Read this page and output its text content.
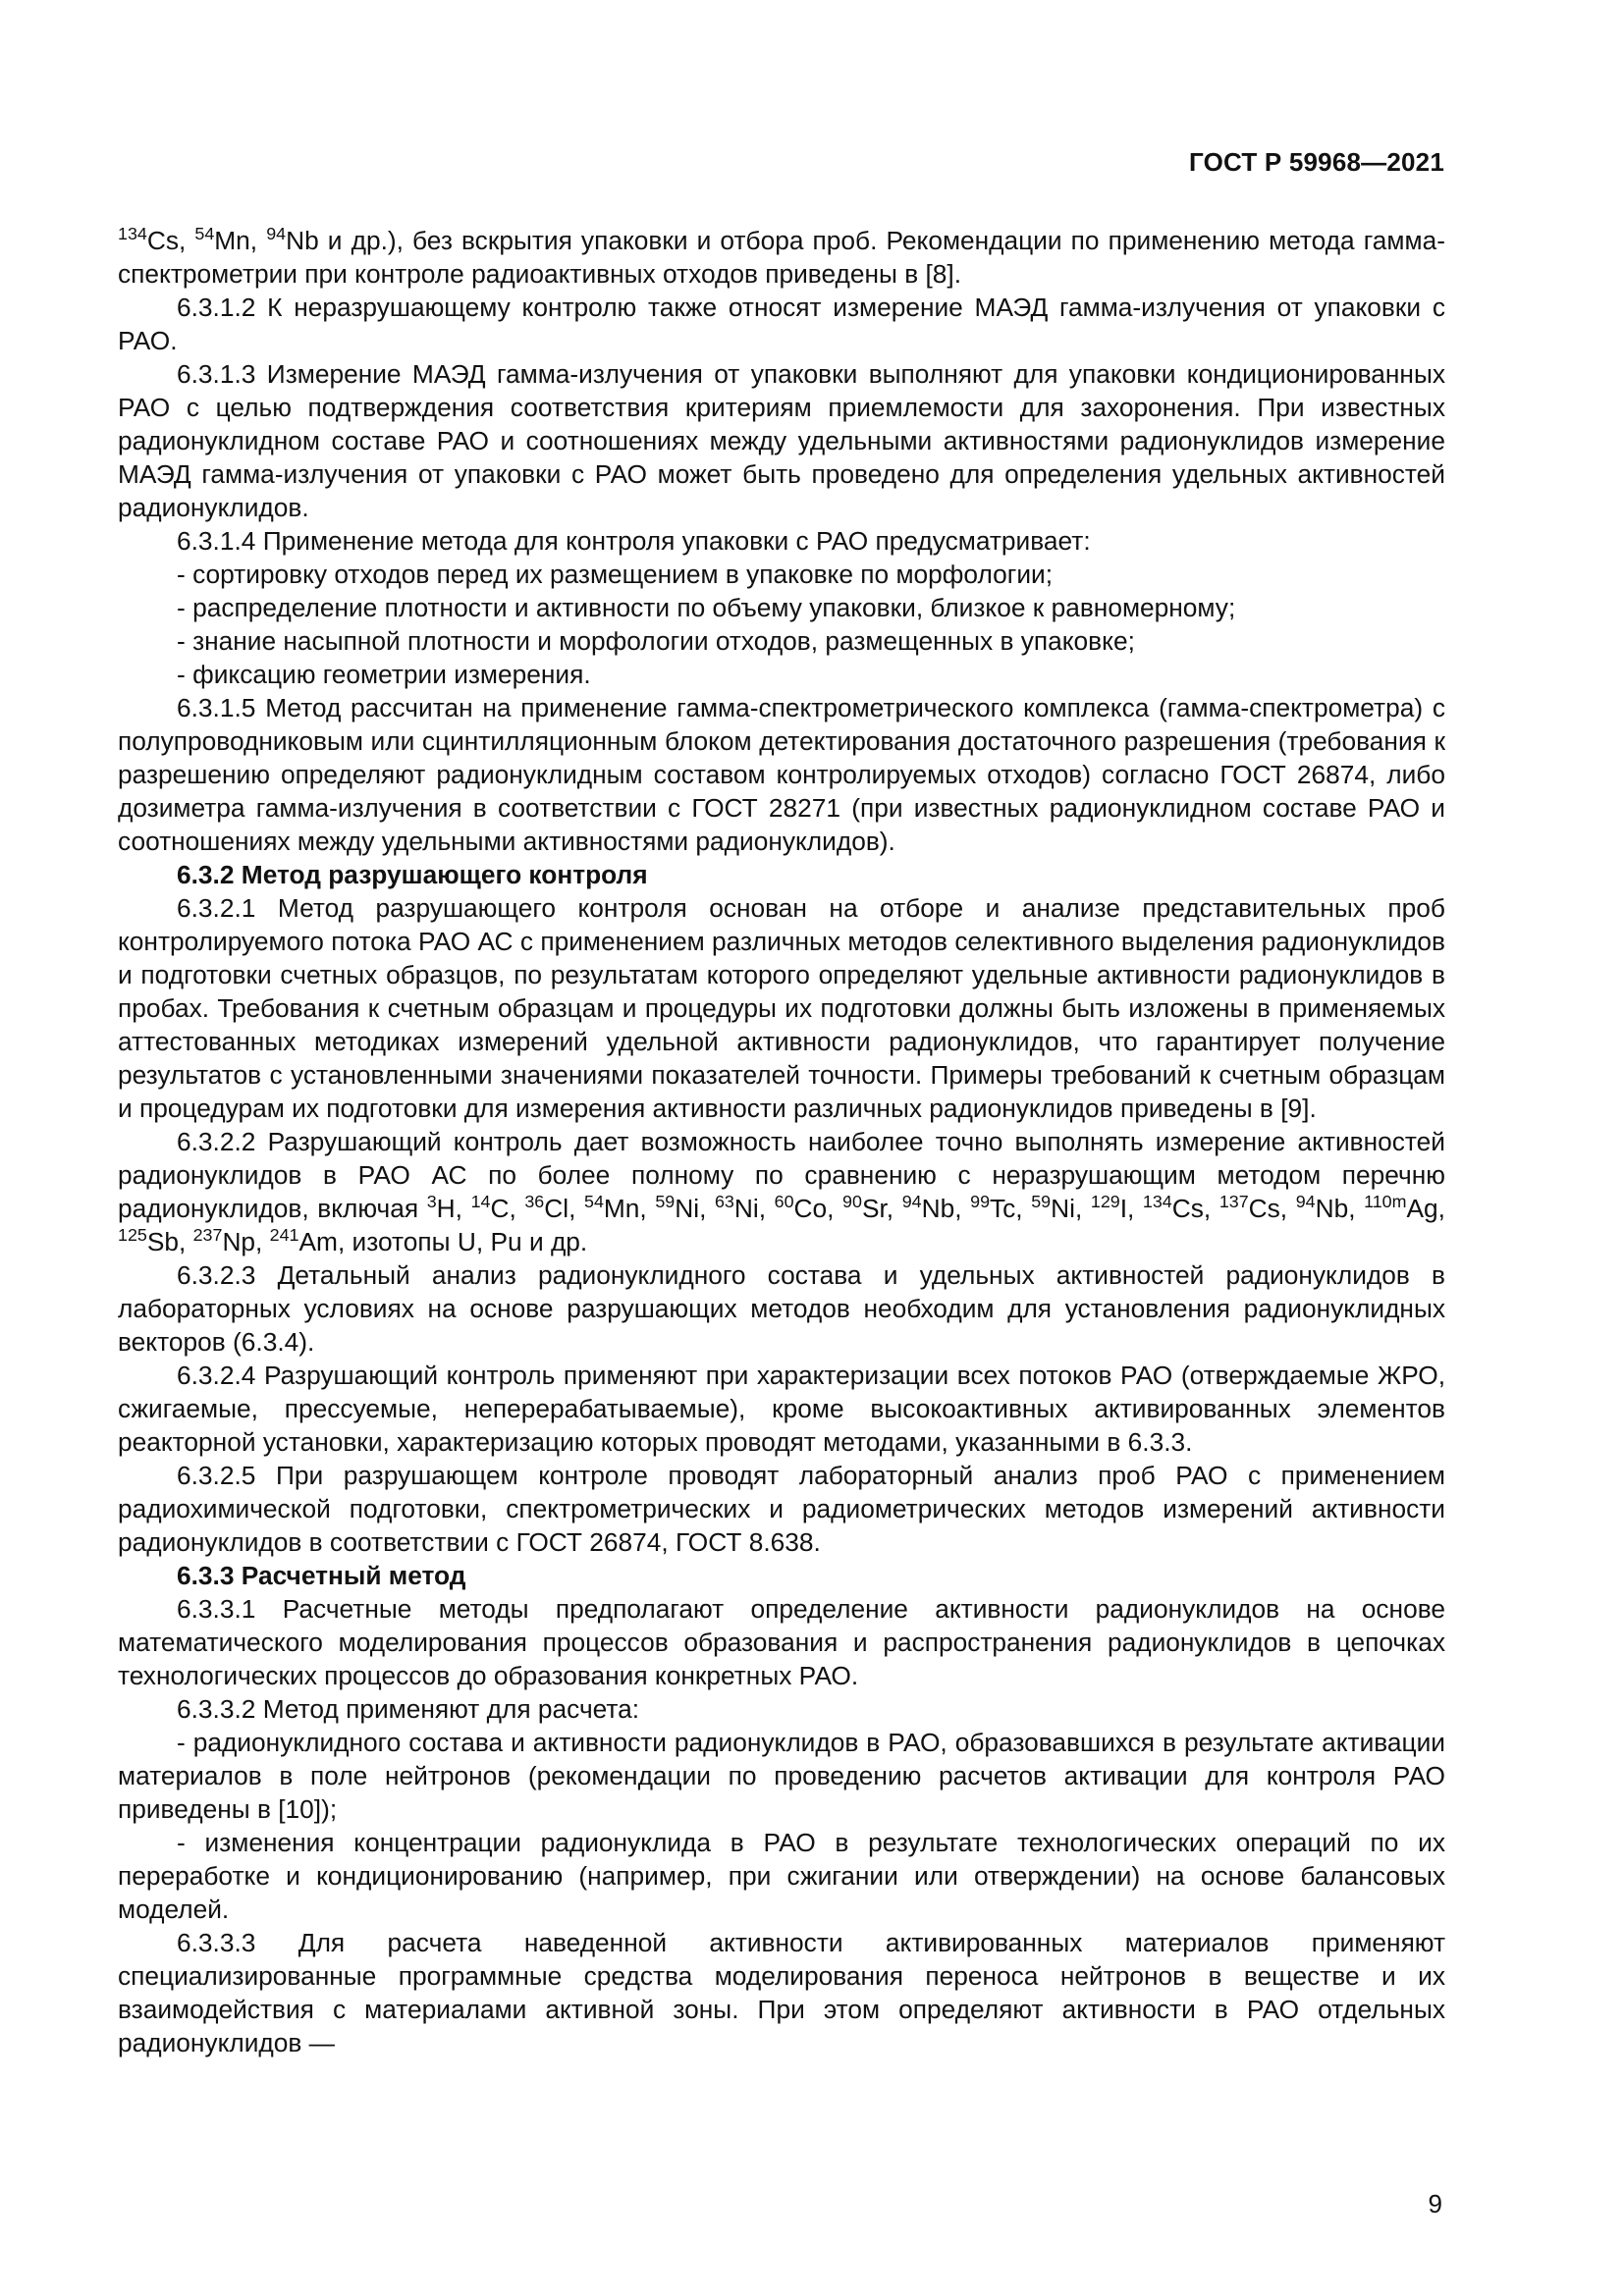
ГОСТ Р 59968—2021

$^{134}$Cs, $^{54}$Mn, $^{94}$Nb и др.), без вскрытия упаковки и отбора проб. Рекомендации по применению метода гамма-спектрометрии при контроле радиоактивных отходов приведены в [8].

6.3.1.2 К неразрушающему контролю также относят измерение МАЭД гамма-излучения от упаковки с РАО.

6.3.1.3 Измерение МАЭД гамма-излучения от упаковки выполняют для упаковки кондиционированных РАО с целью подтверждения соответствия критериям приемлемости для захоронения. При известных радионуклидном составе РАО и соотношениях между удельными активностями радионуклидов измерение МАЭД гамма-излучения от упаковки с РАО может быть проведено для определения удельных активностей радионуклидов.

6.3.1.4 Применение метода для контроля упаковки с РАО предусматривает:

- сортировку отходов перед их размещением в упаковке по морфологии;

- распределение плотности и активности по объему упаковки, близкое к равномерному;

- знание насыпной плотности и морфологии отходов, размещенных в упаковке;

- фиксацию геометрии измерения.

6.3.1.5 Метод рассчитан на применение гамма-спектрометрического комплекса (гамма-спектрометра) с полупроводниковым или сцинтилляционным блоком детектирования достаточного разрешения (требования к разрешению определяют радионуклидным составом контролируемых отходов) согласно ГОСТ 26874, либо дозиметра гамма-излучения в соответствии с ГОСТ 28271 (при известных радионуклидном составе РАО и соотношениях между удельными активностями радионуклидов).

6.3.2 Метод разрушающего контроля

6.3.2.1 Метод разрушающего контроля основан на отборе и анализе представительных проб контролируемого потока РАО АС с применением различных методов селективного выделения радионуклидов и подготовки счетных образцов, по результатам которого определяют удельные активности радионуклидов в пробах. Требования к счетным образцам и процедуры их подготовки должны быть изложены в применяемых аттестованных методиках измерений удельной активности радионуклидов, что гарантирует получение результатов с установленными значениями показателей точности. Примеры требований к счетным образцам и процедурам их подготовки для измерения активности различных радионуклидов приведены в [9].

6.3.2.2 Разрушающий контроль дает возможность наиболее точно выполнять измерение активностей радионуклидов в РАО АС по более полному по сравнению с неразрушающим методом перечню радионуклидов, включая $^3$H, $^{14}$C, $^{36}$Cl, $^{54}$Mn, $^{59}$Ni, $^{63}$Ni, $^{60}$Co, $^{90}$Sr, $^{94}$Nb, $^{99}$Tc, $^{59}$Ni, $^{129}$I, $^{134}$Cs, $^{137}$Cs, $^{94}$Nb, $^{110m}$Ag, $^{125}$Sb, $^{237}$Np, $^{241}$Am, изотопы U, Pu и др.

6.3.2.3 Детальный анализ радионуклидного состава и удельных активностей радионуклидов в лабораторных условиях на основе разрушающих методов необходим для установления радионуклидных векторов (6.3.4).

6.3.2.4 Разрушающий контроль применяют при характеризации всех потоков РАО (отверждаемые ЖРО, сжигаемые, прессуемые, неперерабатываемые), кроме высокоактивных активированных элементов реакторной установки, характеризацию которых проводят методами, указанными в 6.3.3.

6.3.2.5 При разрушающем контроле проводят лабораторный анализ проб РАО с применением радиохимической подготовки, спектрометрических и радиометрических методов измерений активности радионуклидов в соответствии с ГОСТ 26874, ГОСТ 8.638.

6.3.3 Расчетный метод

6.3.3.1 Расчетные методы предполагают определение активности радионуклидов на основе математического моделирования процессов образования и распространения радионуклидов в цепочках технологических процессов до образования конкретных РАО.

6.3.3.2 Метод применяют для расчета:

- радионуклидного состава и активности радионуклидов в РАО, образовавшихся в результате активации материалов в поле нейтронов (рекомендации по проведению расчетов активации для контроля РАО приведены в [10]);

- изменения концентрации радионуклида в РАО в результате технологических операций по их переработке и кондиционированию (например, при сжигании или отверждении) на основе балансовых моделей.

6.3.3.3 Для расчета наведенной активности активированных материалов применяют специализированные программные средства моделирования переноса нейтронов в веществе и их взаимодействия с материалами активной зоны. При этом определяют активности в РАО отдельных радионуклидов —

9
